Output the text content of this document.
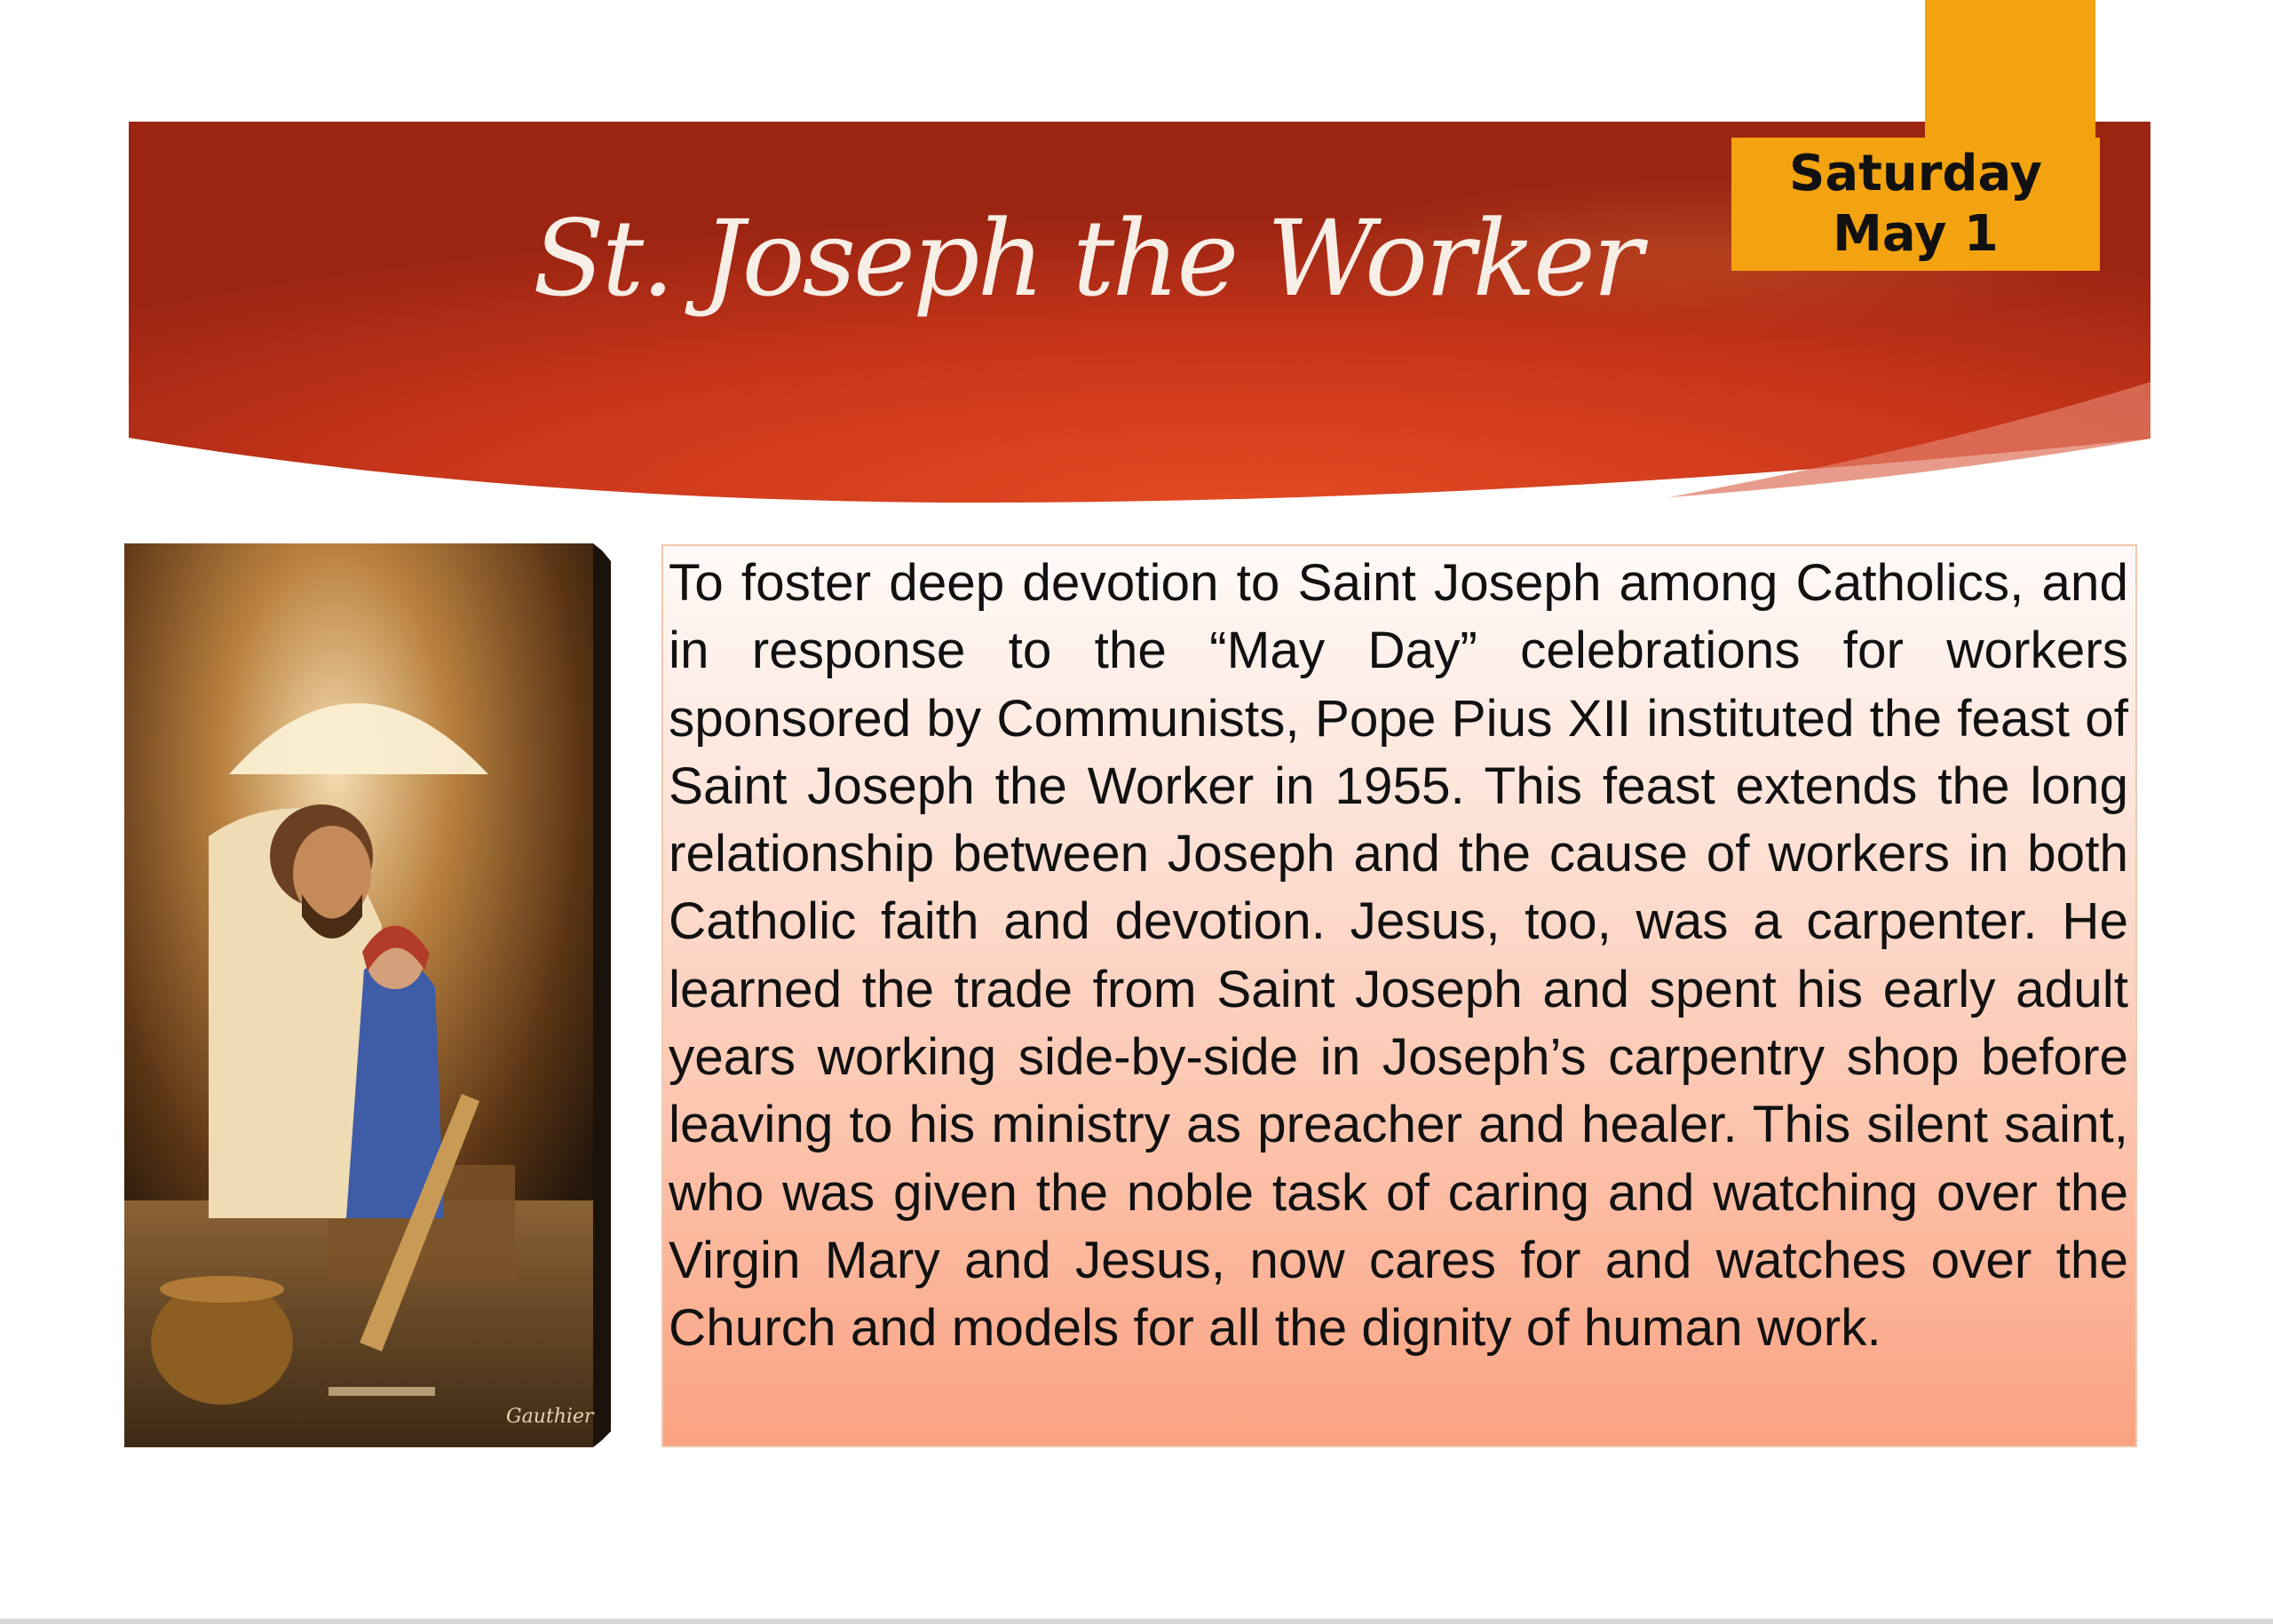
St. Joseph the Worker
Saturday
May 1
Gauthier

To foster deep devotion to Saint Joseph among Catholics, and in response to the “May Day” celebrations for workers sponsored by Communists, Pope Pius XII instituted the feast of Saint Joseph the Worker in 1955. This feast extends the long relationship between Joseph and the cause of workers in both Catholic faith and devotion. Jesus, too, was a carpenter. He learned the trade from Saint Joseph and spent his early adult years working side-by-side in Joseph’s carpentry shop before leaving to his ministry as preacher and healer. This silent saint, who was given the noble task of caring and watching over the Virgin Mary and Jesus, now cares for and watches over the Church and models for all the dignity of human work.
